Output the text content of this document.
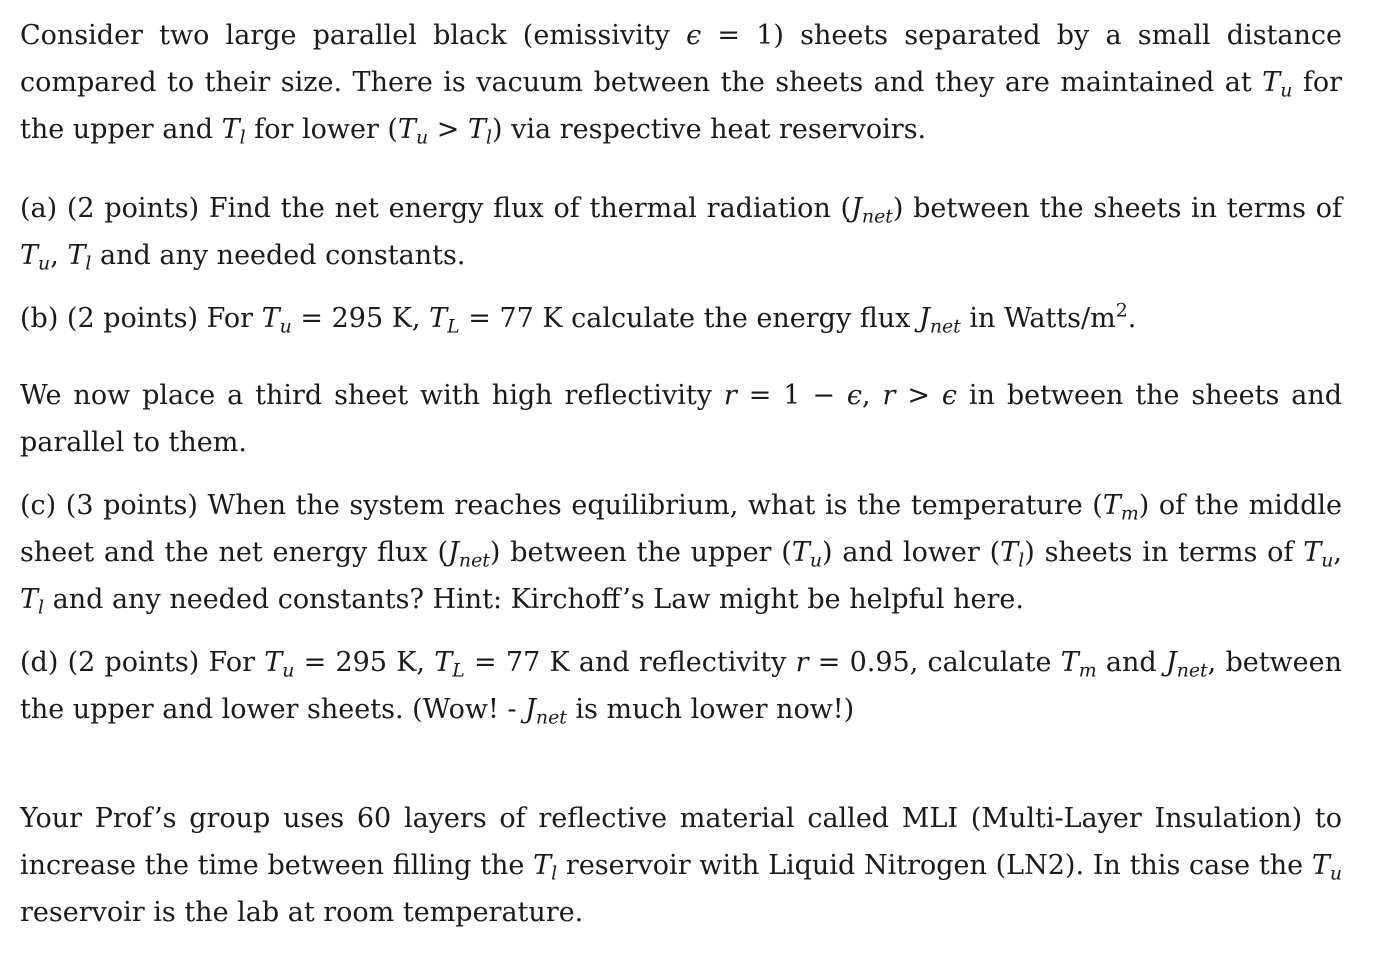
Consider two large parallel black (emissivity ϵ = 1) sheets separated by a small distance compared to their size. There is vacuum between the sheets and they are maintained at $T_u$ for the upper and $T_l$ for lower $(T_u > T_l)$ via respective heat reservoirs.

(a) (2 points) Find the net energy flux of thermal radiation $(J_{net})$ between the sheets in terms of $T_u$, $T_l$ and any needed constants.

(b) (2 points) For $T_u = 295$ K, $T_L = 77$ K calculate the energy flux $J_{net}$ in Watts/$m^2$.

We now place a third sheet with high reflectivity r = 1 − ϵ, r > ϵ in between the sheets and parallel to them.

(c) (3 points) When the system reaches equilibrium, what is the temperature $(T_m)$ of the middle sheet and the net energy flux $(J_{net})$ between the upper $(T_u)$ and lower $(T_l)$ sheets in terms of $T_u$, $T_l$ and any needed constants? Hint: Kirchoff’s Law might be helpful here.

(d) (2 points) For $T_u = 295$ K, $T_L = 77$ K and reflectivity r = 0.95, calculate $T_m$ and $J_{net}$, between the upper and lower sheets. (Wow! - $J_{net}$ is much lower now!)

Your Prof’s group uses 60 layers of reflective material called MLI (Multi-Layer Insulation) to increase the time between filling the $T_l$ reservoir with Liquid Nitrogen (LN2). In this case the $T_u$ reservoir is the lab at room temperature.
